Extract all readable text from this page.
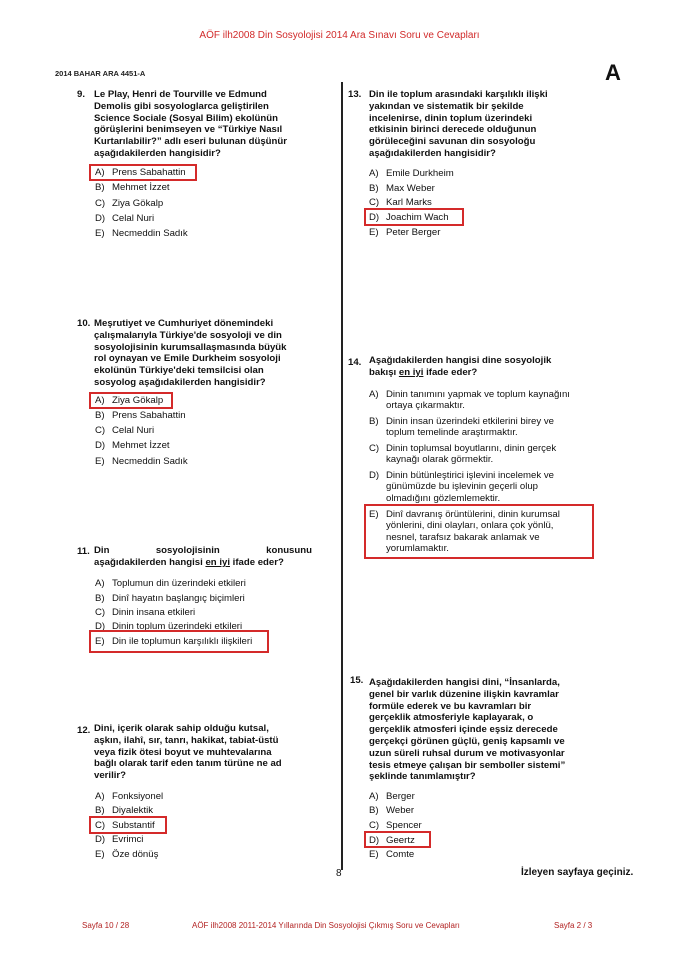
AÖF ilh2008 Din Sosyolojisi 2014 Ara Sınavı Soru ve Cevapları
2014 BAHAR ARA 4451-A	A
9. Le Play, Henri de Tourville ve Edmund
Demolis gibi sosyologlarca geliştirilen
Science Sociale (Sosyal Bilim) ekolünün
görüşlerini benimseyen ve “Türkiye Nasıl
Kurtarılabilir?” adlı eseri bulunan düşünür
aşağıdakilerden hangisidir?
A) Prens Sabahattin
B) Mehmet İzzet
C) Ziya Gökalp
D) Celal Nuri
E) Necmeddin Sadık
10. Meşrutiyet ve Cumhuriyet dönemindeki
çalışmalarıyla Türkiye'de sosyoloji ve din
sosyolojisinin kurumsallaşmasında büyük
rol oynayan ve Emile Durkheim sosyoloji
ekolünün Türkiye'deki temsilcisi olan
sosyolog aşağıdakilerden hangisidir?
A) Ziya Gökalp
B) Prens Sabahattin
C) Celal Nuri
D) Mehmet İzzet
E) Necmeddin Sadık
11. Din	sosyolojisinin	konusunu
aşağıdakilerden hangisi en iyi ifade eder?
A) Toplumun din üzerindeki etkileri
B) Dinî hayatın başlangıç biçimleri
C) Dinin insana etkileri
D) Dinin toplum üzerindeki etkileri
E) Din ile toplumun karşılıklı ilişkileri
12. Dini, içerik olarak sahip olduğu kutsal,
aşkın, ilahî, sır, tanrı, hakikat, tabiat-üstü
veya fizik ötesi boyut ve muhtevalarına
bağlı olarak tarif eden tanım türüne ne ad
verilir?
A) Fonksiyonel
B) Diyalektik
C) Substantif
D) Evrimci
E) Öze dönüş
13. Din ile toplum arasındaki karşılıklı ilişki
yakından ve sistematik bir şekilde
incelenirse, dinin toplum üzerindeki
etkisinin birinci derecede olduğunun
görüleceğini savunan din sosyoloğu
aşağıdakilerden hangisidir?
A) Emile Durkheim
B) Max Weber
C) Karl Marks
D) Joachim Wach
E) Peter Berger
14. Aşağıdakilerden hangisi dine sosyolojik
bakışı en iyi ifade eder?
A) Dinin tanımını yapmak ve toplum kaynağını
ortaya çıkarmaktır.
B) Dinin insan üzerindeki etkilerini birey ve
toplum temelinde araştırmaktır.
C) Dinin toplumsal boyutlarını, dinin gerçek
kaynağı olarak görmektir.
D) Dinin bütünleştirici işlevini incelemek ve
günümüzde bu işlevinin geçerli olup
olmadığını gözlemlemektir.
E) Dinî davranış örüntülerini, dinin kurumsal
yönlerini, dini olayları, onlara çok yönlü,
nesnel, tarafsız bakarak anlamak ve
yorumlamaktır.
15. Aşağıdakilerden hangisi dini, “İnsanlarda,
genel bir varlık düzenine ilişkin kavramlar
formüle ederek ve bu kavramları bir
gerçeklik atmosferiyle kaplayarak, o
gerçeklik atmosferi içinde eşsiz derecede
gerçekçi görünen güçlü, geniş kapsamlı ve
uzun süreli ruhsal durum ve motivasyonlar
tesis etmeye çalışan bir semboller sistemi”
şeklinde tanımlamıştır?
A) Berger
B) Weber
C) Spencer
D) Geertz
E) Comte
8	İzleyen sayfaya geçiniz.
Sayfa 10 / 28	AÖF ilh2008 2011-2014 Yıllarında Din Sosyolojisi Çıkmış Soru ve Cevapları	Sayfa 2 / 3
